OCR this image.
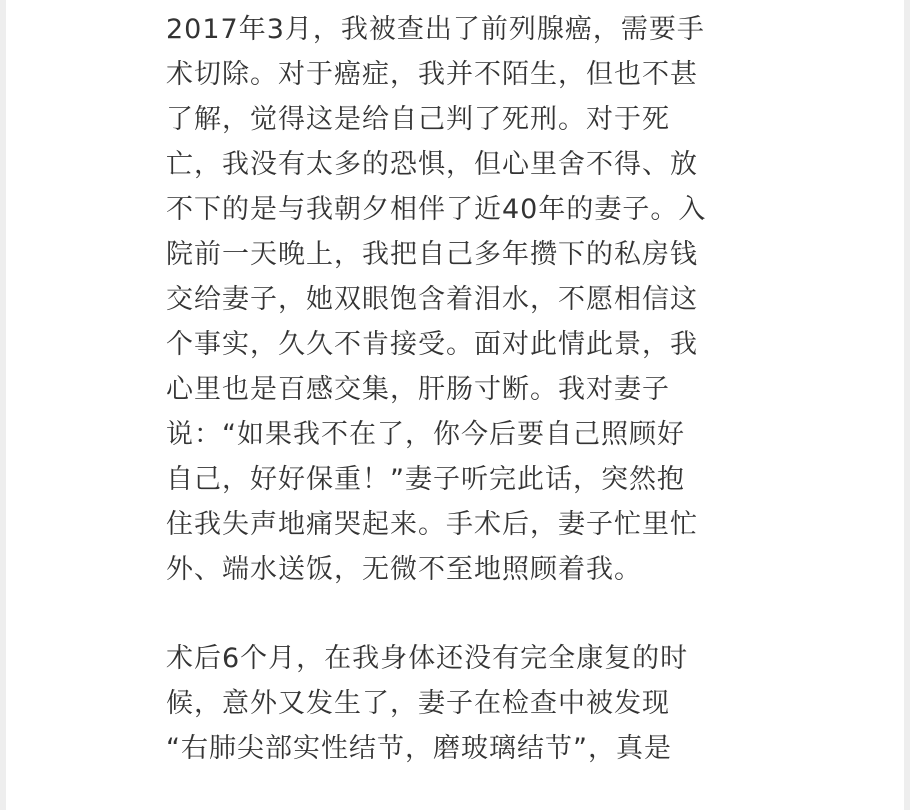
2017年3月，我被查出了前列腺癌，需要手
术切除。对于癌症，我并不陌生，但也不甚
了解，觉得这是给自己判了死刑。对于死
亡，我没有太多的恐惧，但心里舍不得、放
不下的是与我朝夕相伴了近40年的妻子。入
院前一天晚上，我把自己多年攒下的私房钱
交给妻子，她双眼饱含着泪水，不愿相信这
个事实，久久不肯接受。面对此情此景，我
心里也是百感交集，肝肠寸断。我对妻子
说：“如果我不在了，你今后要自己照顾好
自己，好好保重！”妻子听完此话，突然抱
住我失声地痛哭起来。手术后，妻子忙里忙
外、端水送饭，无微不至地照顾着我。
术后6个月，在我身体还没有完全康复的时
候，意外又发生了，妻子在检查中被发现
“右肺尖部实性结节，磨玻璃结节”，真是
